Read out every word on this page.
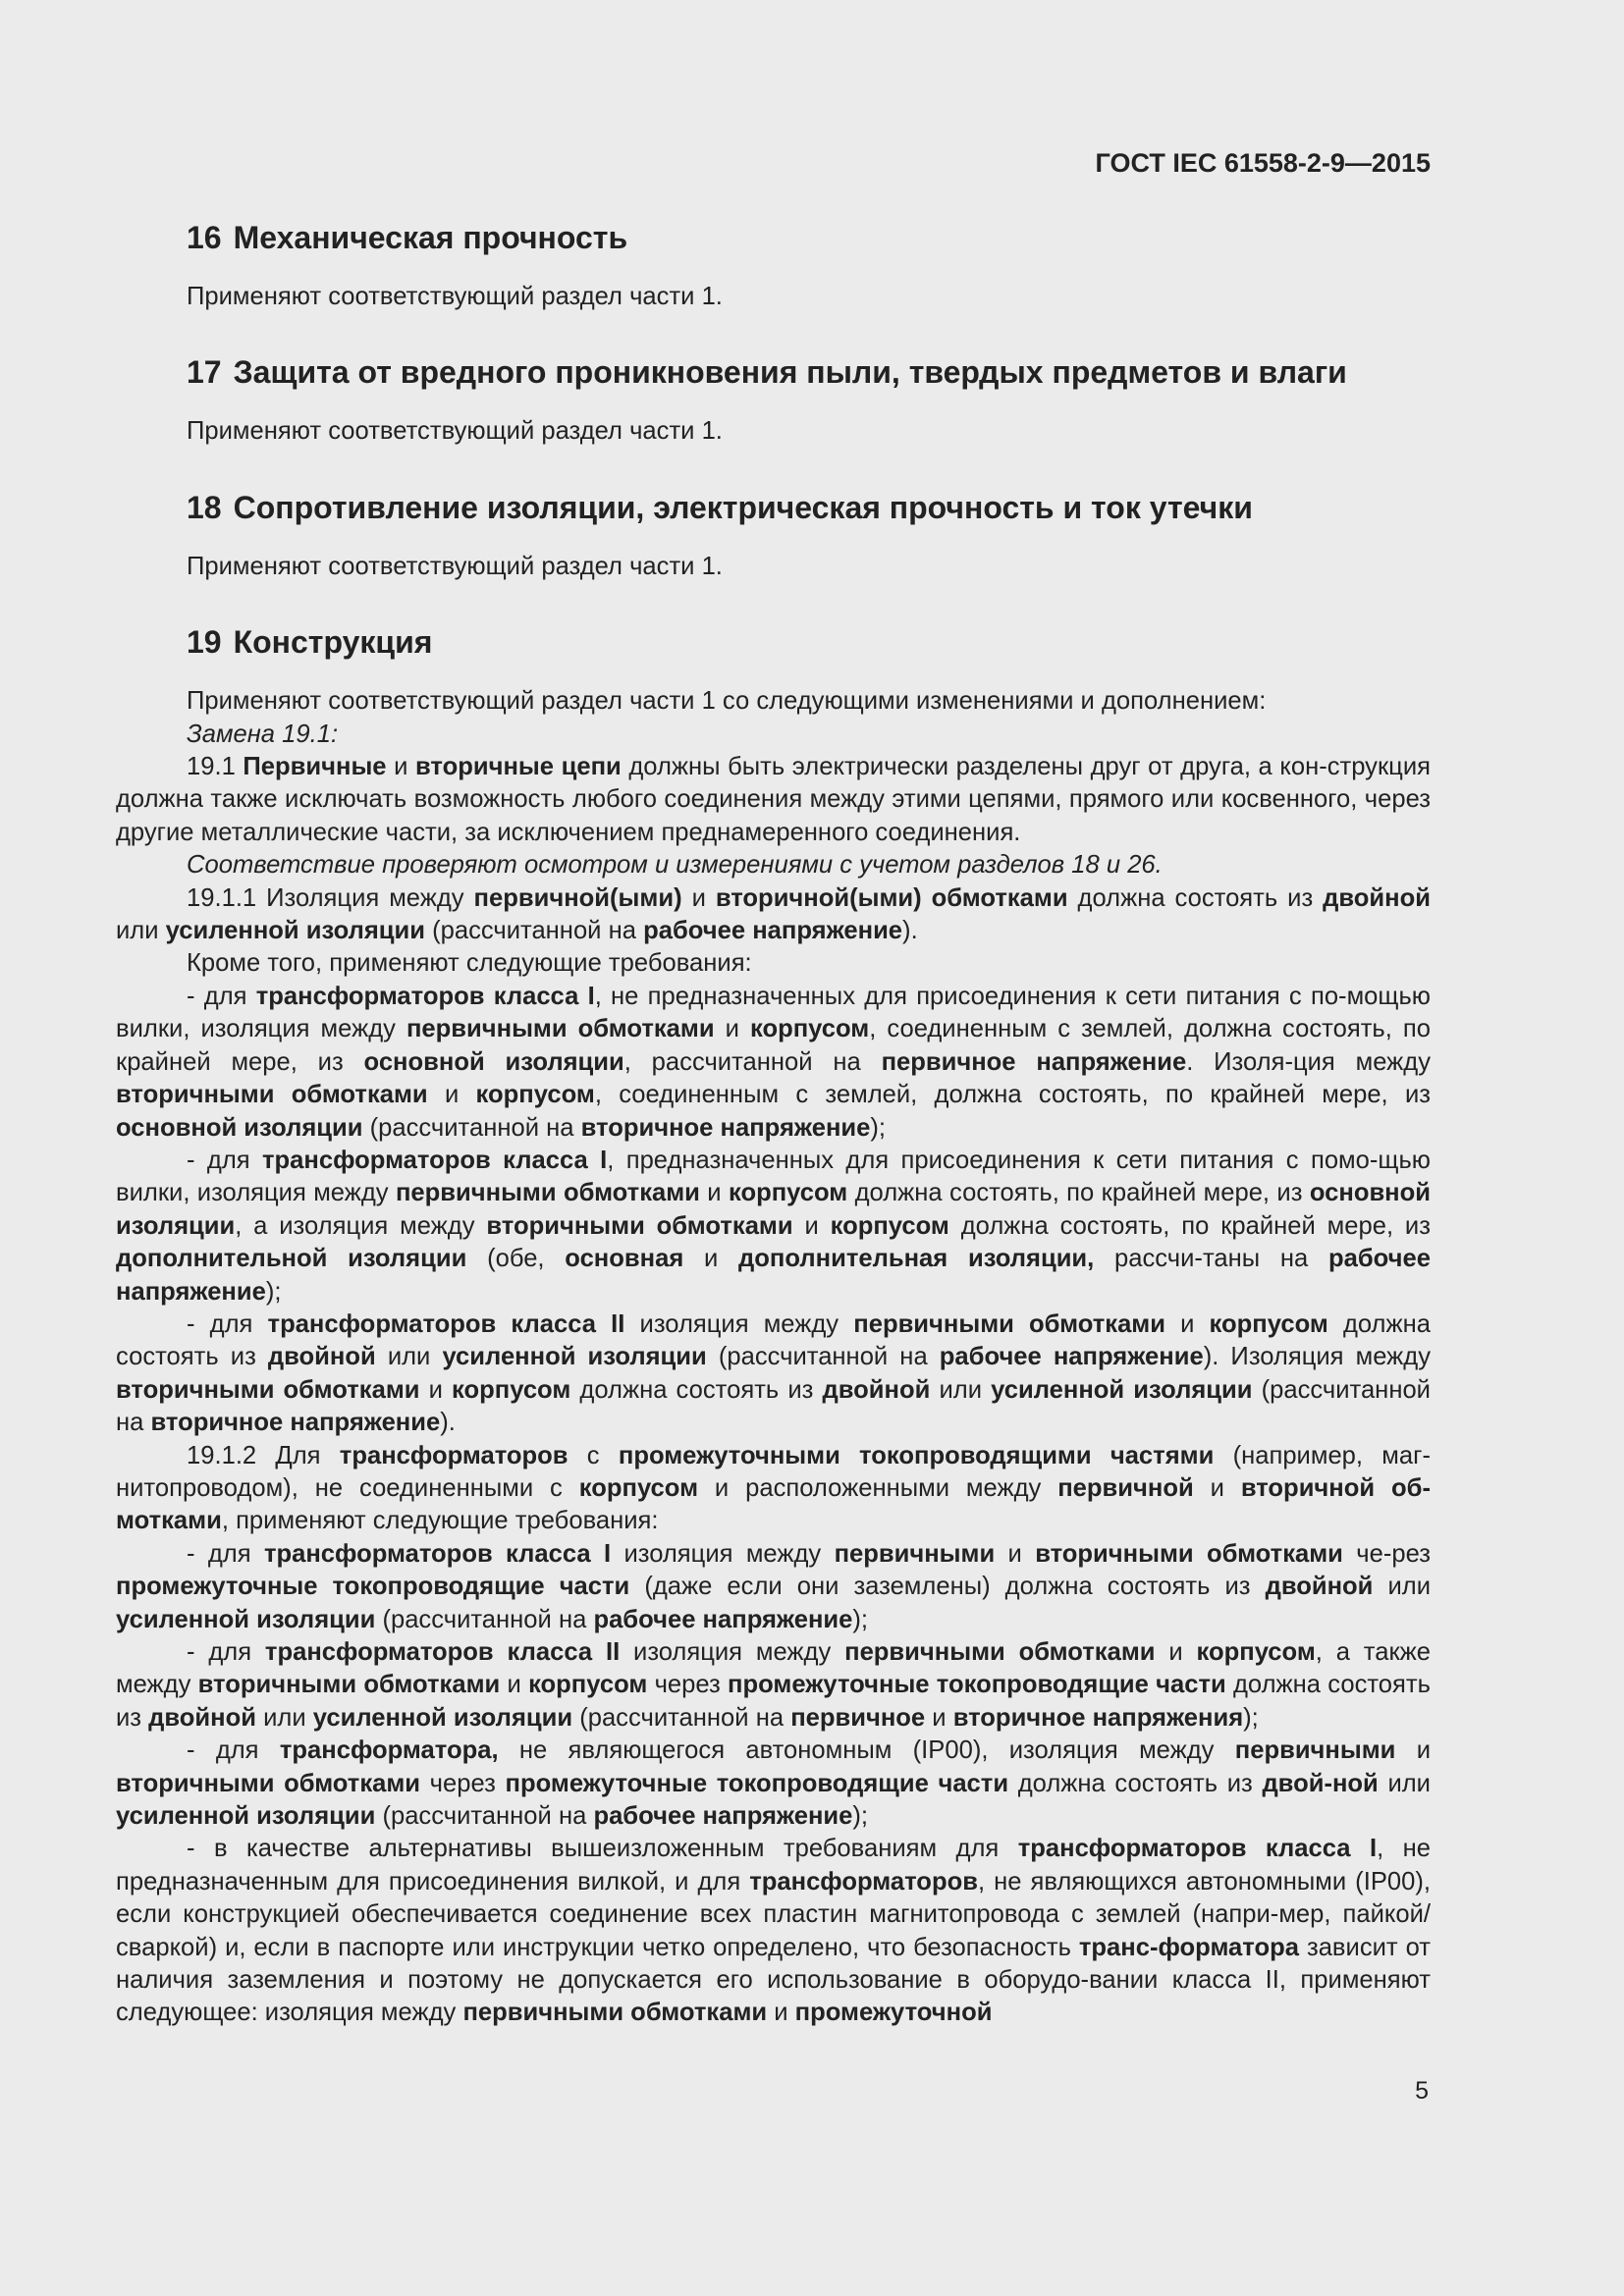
ГОСТ IEC 61558-2-9—2015
16 Механическая прочность
Применяют соответствующий раздел части 1.
17 Защита от вредного проникновения пыли, твердых предметов и влаги
Применяют соответствующий раздел части 1.
18 Сопротивление изоляции, электрическая прочность и ток утечки
Применяют соответствующий раздел части 1.
19 Конструкция
Применяют соответствующий раздел части 1 со следующими изменениями и дополнением:
Замена 19.1:

19.1 Первичные и вторичные цепи должны быть электрически разделены друг от друга, а кон-струкция должна также исключать возможность любого соединения между этими цепями, прямого или косвенного, через другие металлические части, за исключением преднамеренного соединения.

Соответствие проверяют осмотром и измерениями с учетом разделов 18 и 26.

19.1.1 Изоляция между первичной(ыми) и вторичной(ыми) обмотками должна состоять из двойной или усиленной изоляции (рассчитанной на рабочее напряжение).

Кроме того, применяют следующие требования:

- для трансформаторов класса I, не предназначенных для присоединения к сети питания с по-мощью вилки, изоляция между первичными обмотками и корпусом, соединенным с землей, должна состоять, по крайней мере, из основной изоляции, рассчитанной на первичное напряжение. Изоля-ция между вторичными обмотками и корпусом, соединенным с землей, должна состоять, по крайней мере, из основной изоляции (рассчитанной на вторичное напряжение);

- для трансформаторов класса I, предназначенных для присоединения к сети питания с помо-щью вилки, изоляция между первичными обмотками и корпусом должна состоять, по крайней мере, из основной изоляции, а изоляция между вторичными обмотками и корпусом должна состоять, по крайней мере, из дополнительной изоляции (обе, основная и дополнительная изоляции, рассчи-таны на рабочее напряжение);

- для трансформаторов класса II изоляция между первичными обмотками и корпусом должна состоять из двойной или усиленной изоляции (рассчитанной на рабочее напряжение). Изоляция между вторичными обмотками и корпусом должна состоять из двойной или усиленной изоляции (рассчитанной на вторичное напряжение).

19.1.2 Для трансформаторов с промежуточными токопроводящими частями (например, маг-нитопроводом), не соединенными с корпусом и расположенными между первичной и вторичной об-мотками, применяют следующие требования:

- для трансформаторов класса I изоляция между первичными и вторичными обмотками че-рез промежуточные токопроводящие части (даже если они заземлены) должна состоять из двойной или усиленной изоляции (рассчитанной на рабочее напряжение);

- для трансформаторов класса II изоляция между первичными обмотками и корпусом, а также между вторичными обмотками и корпусом через промежуточные токопроводящие части должна состоять из двойной или усиленной изоляции (рассчитанной на первичное и вторичное напряжения);

- для трансформатора, не являющегося автономным (IP00), изоляция между первичными и вторичными обмотками через промежуточные токопроводящие части должна состоять из двой-ной или усиленной изоляции (рассчитанной на рабочее напряжение);

- в качестве альтернативы вышеизложенным требованиям для трансформаторов класса I, не предназначенным для присоединения вилкой, и для трансформаторов, не являющихся автономными (IP00), если конструкцией обеспечивается соединение всех пластин магнитопровода с землей (напри-мер, пайкой/сваркой) и, если в паспорте или инструкции четко определено, что безопасность транс-форматора зависит от наличия заземления и поэтому не допускается его использование в оборудо-вании класса II, применяют следующее: изоляция между первичными обмотками и промежуточной

5
